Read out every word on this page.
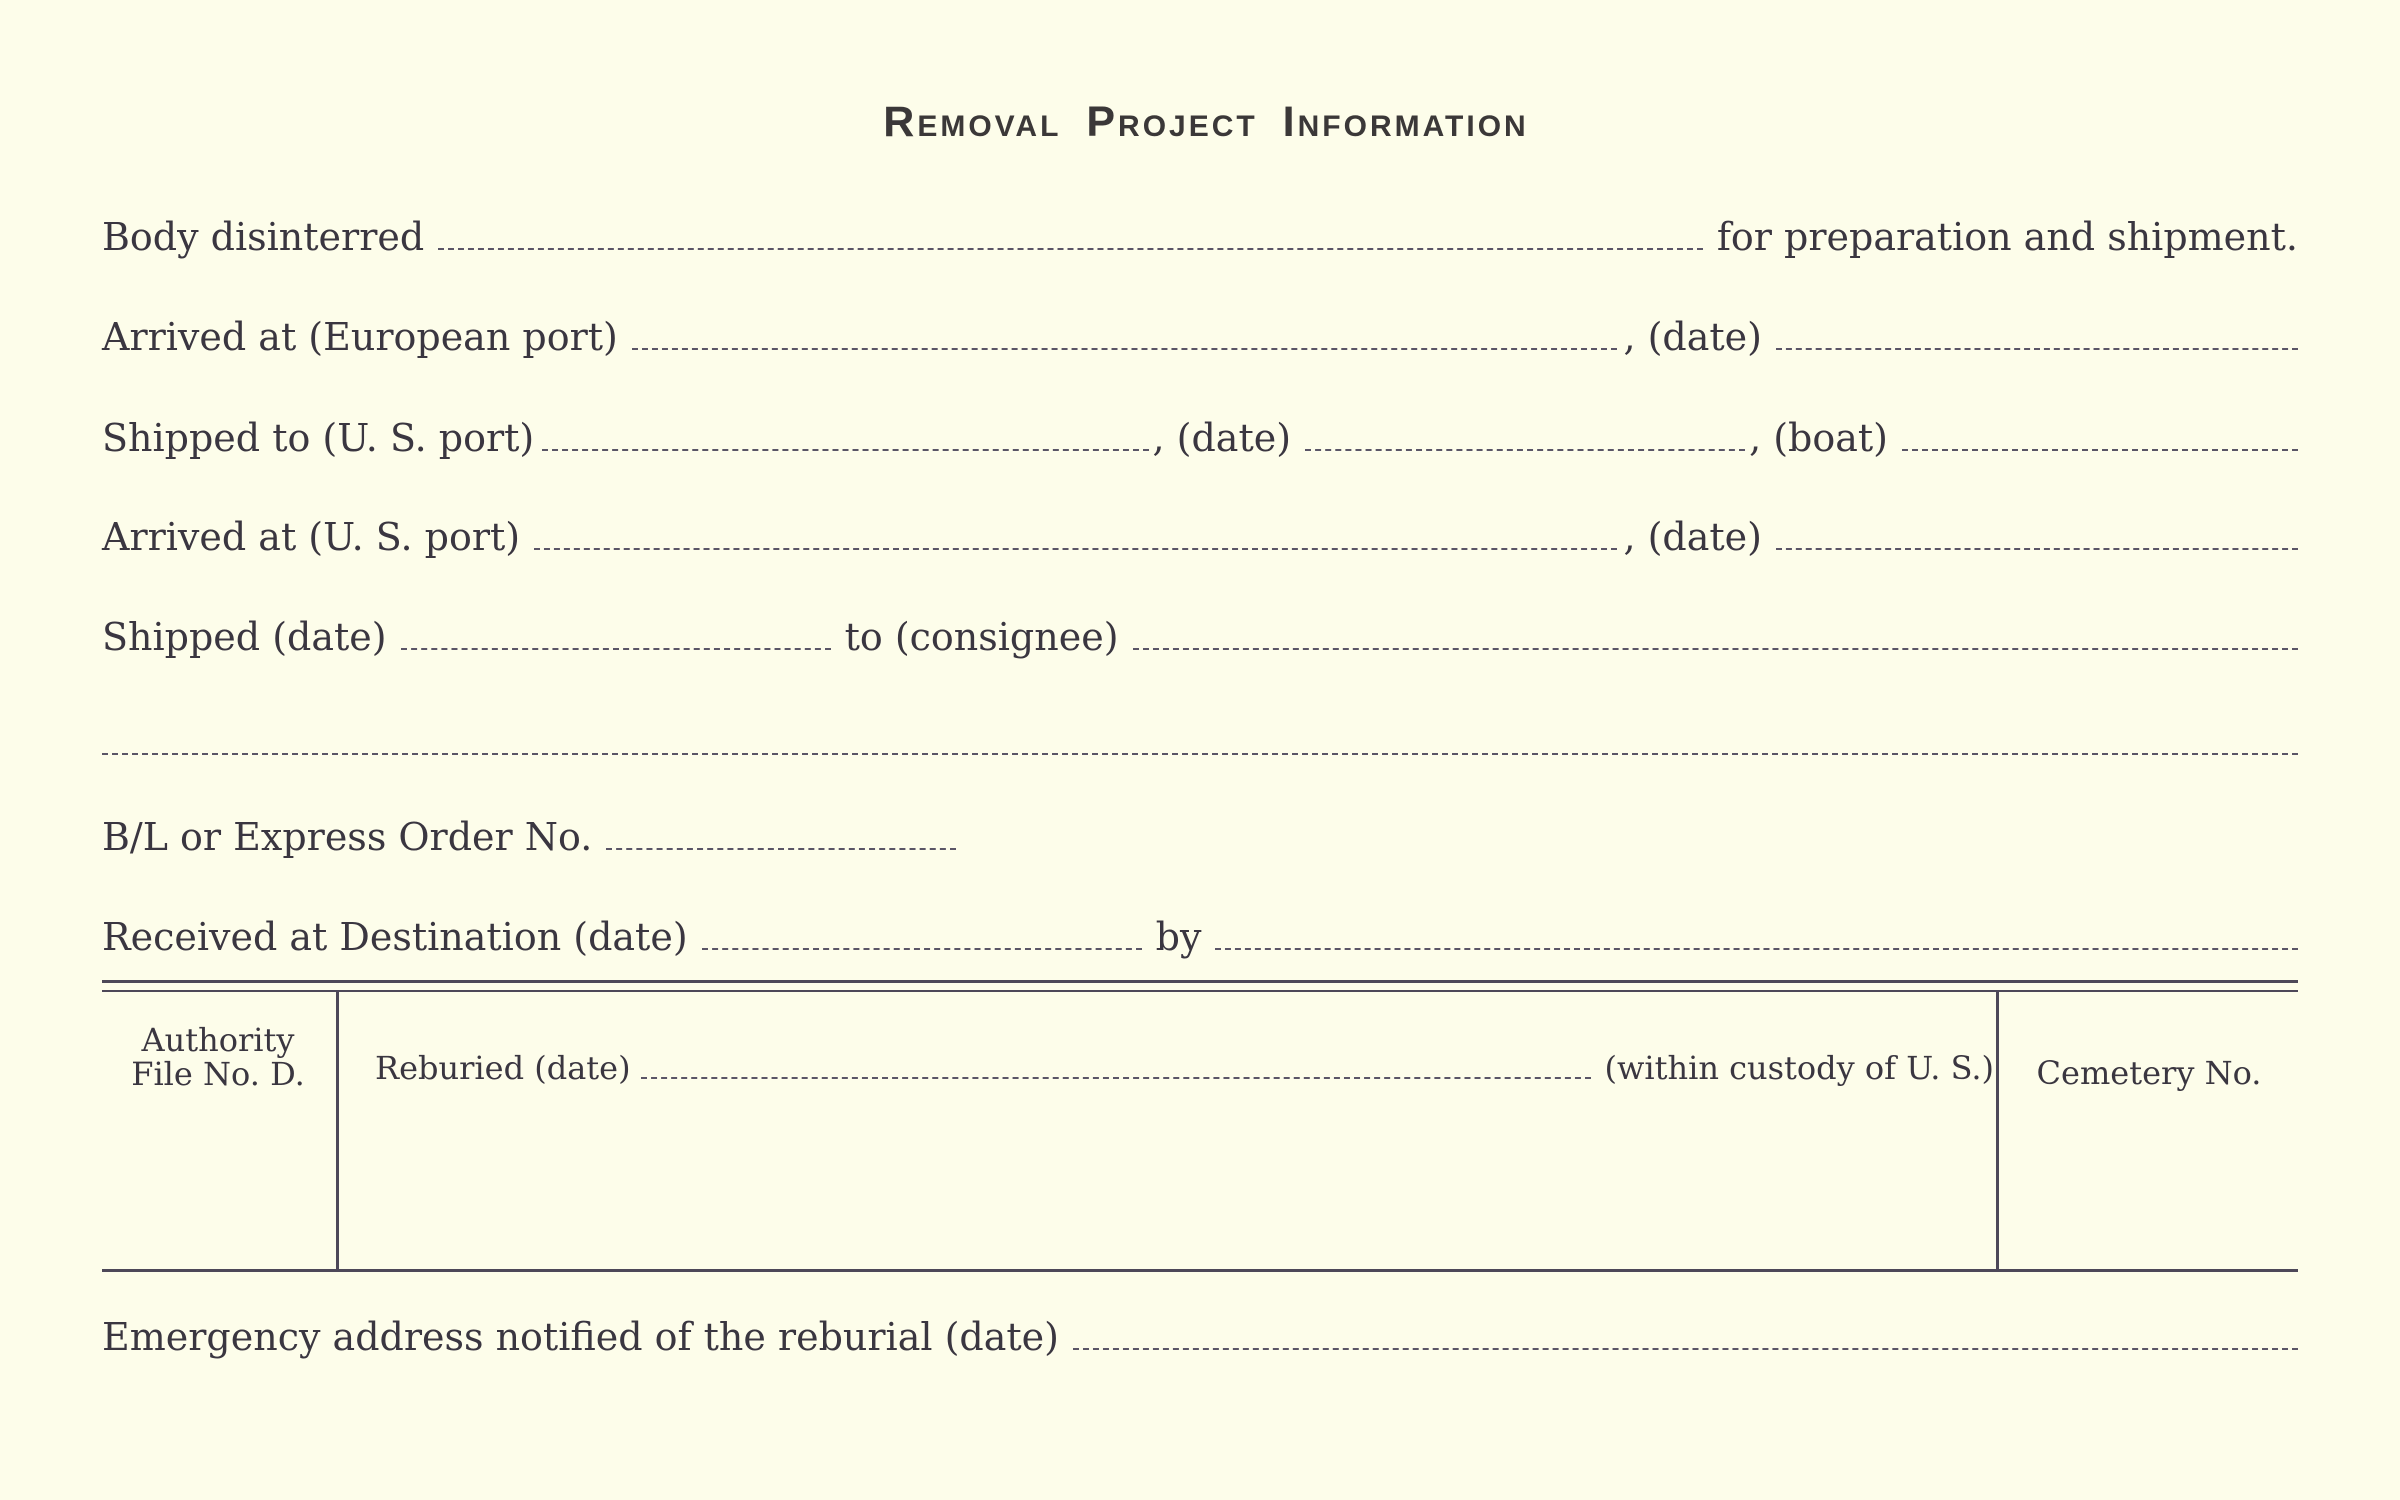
Removal Project Information
Body disinterred	for preparation and shipment.
Arrived at (European port)	, (date)
Shipped to (U. S. port)	, (date)	, (boat)
Arrived at (U. S. port)	, (date)
Shipped (date)	to (consignee)
B/L or Express Order No.
Received at Destination (date)	by
Authority
File No. D.	Reburied (date)	(within custody of U. S.)	Cemetery No.
Emergency address notified of the reburial (date)
